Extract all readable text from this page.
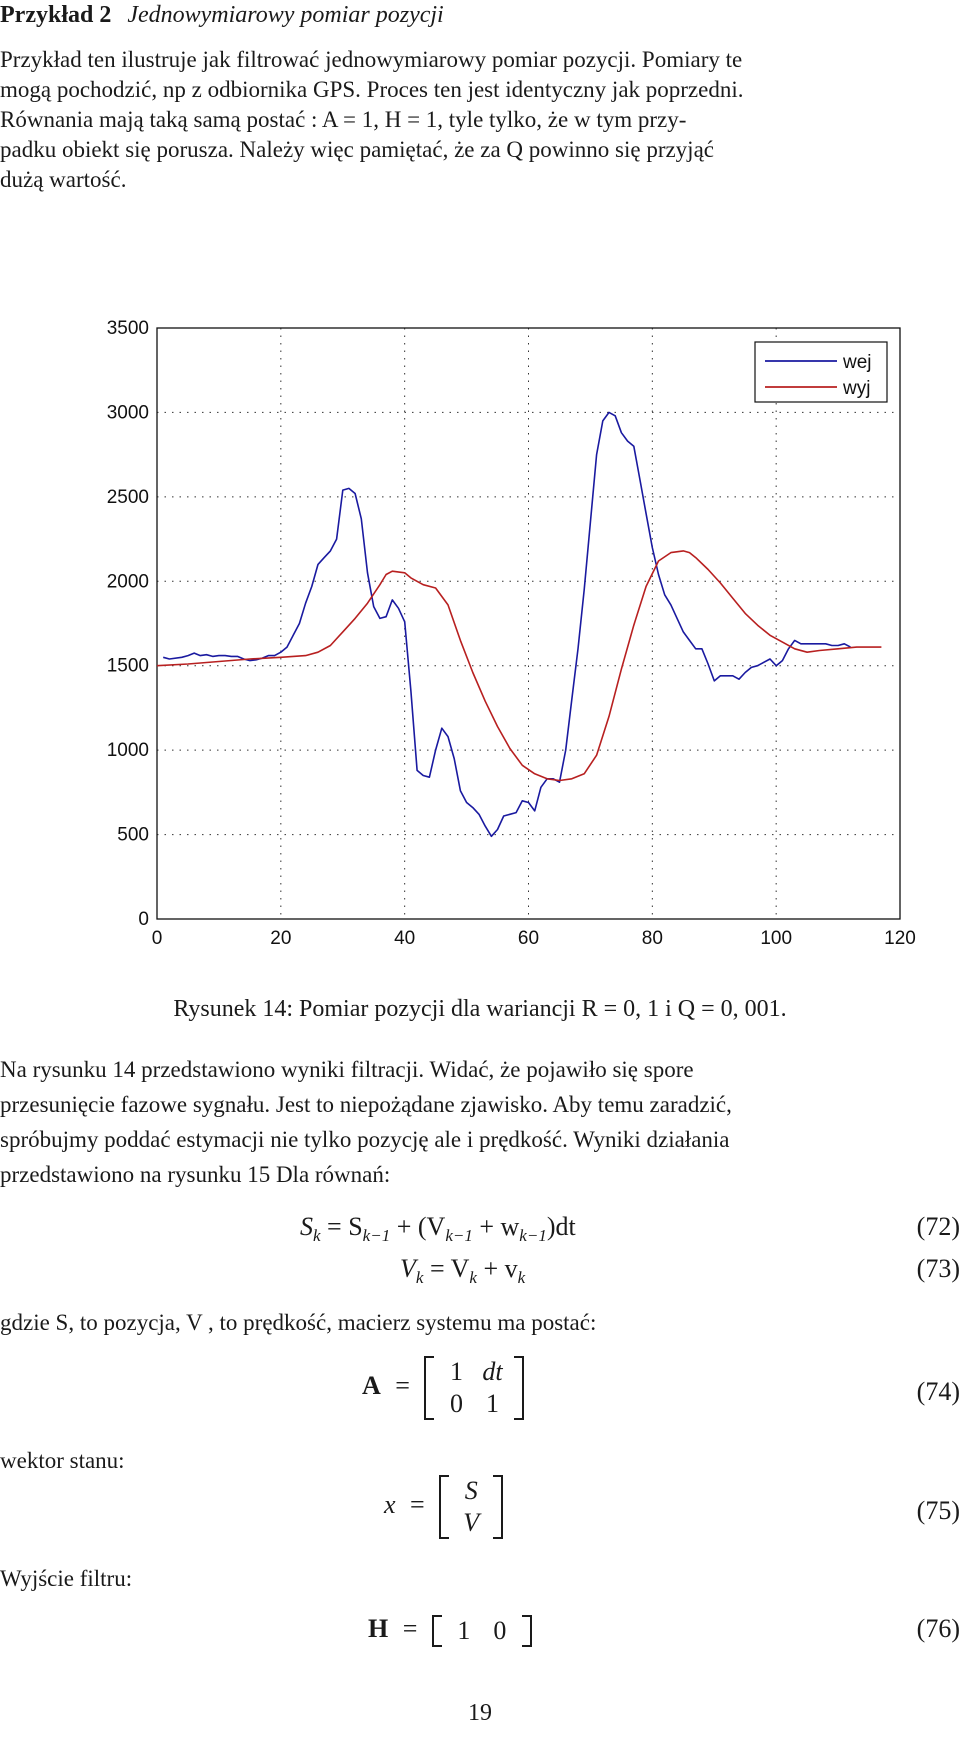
Przykład 2 Jednowymiarowy pomiar pozycji
Przykład ten ilustruje jak filtrować jednowymiarowy pomiar pozycji. Pomiary te
mogą pochodzić, np z odbiornika GPS. Proces ten jest identyczny jak poprzedni.
Równania mają taką samą postać : A = 1, H = 1, tyle tylko, że w tym przy-
padku obiekt się porusza. Należy więc pamiętać, że za Q powinno się przyjąć
dużą wartość.
0
500
1000
1500
2000
2500
3000
3500
0	20	40	60	80	100	120
wej
wyj
Rysunek 14: Pomiar pozycji dla wariancji R = 0, 1 i Q = 0, 001.
Na rysunku 14 przedstawiono wyniki filtracji. Widać, że pojawiło się spore
przesunięcie fazowe sygnału. Jest to niepożądane zjawisko. Aby temu zaradzić,
spróbujmy poddać estymacji nie tylko pozycję ale i prędkość. Wyniki działania
przedstawiono na rysunku 15 Dla równań:
$S_k = S_{k-1} + (V_{k-1} + w_{k-1})dt$	(72)
$V_k = V_k + v_k$	(73)
gdzie S, to pozycja, V , to prędkość, macierz systemu ma postać:
A =	1 dt
0 1	(74)
wektor stanu:
x =	S
V	(75)
Wyjście filtru:
H =	1 0	(76)
19
